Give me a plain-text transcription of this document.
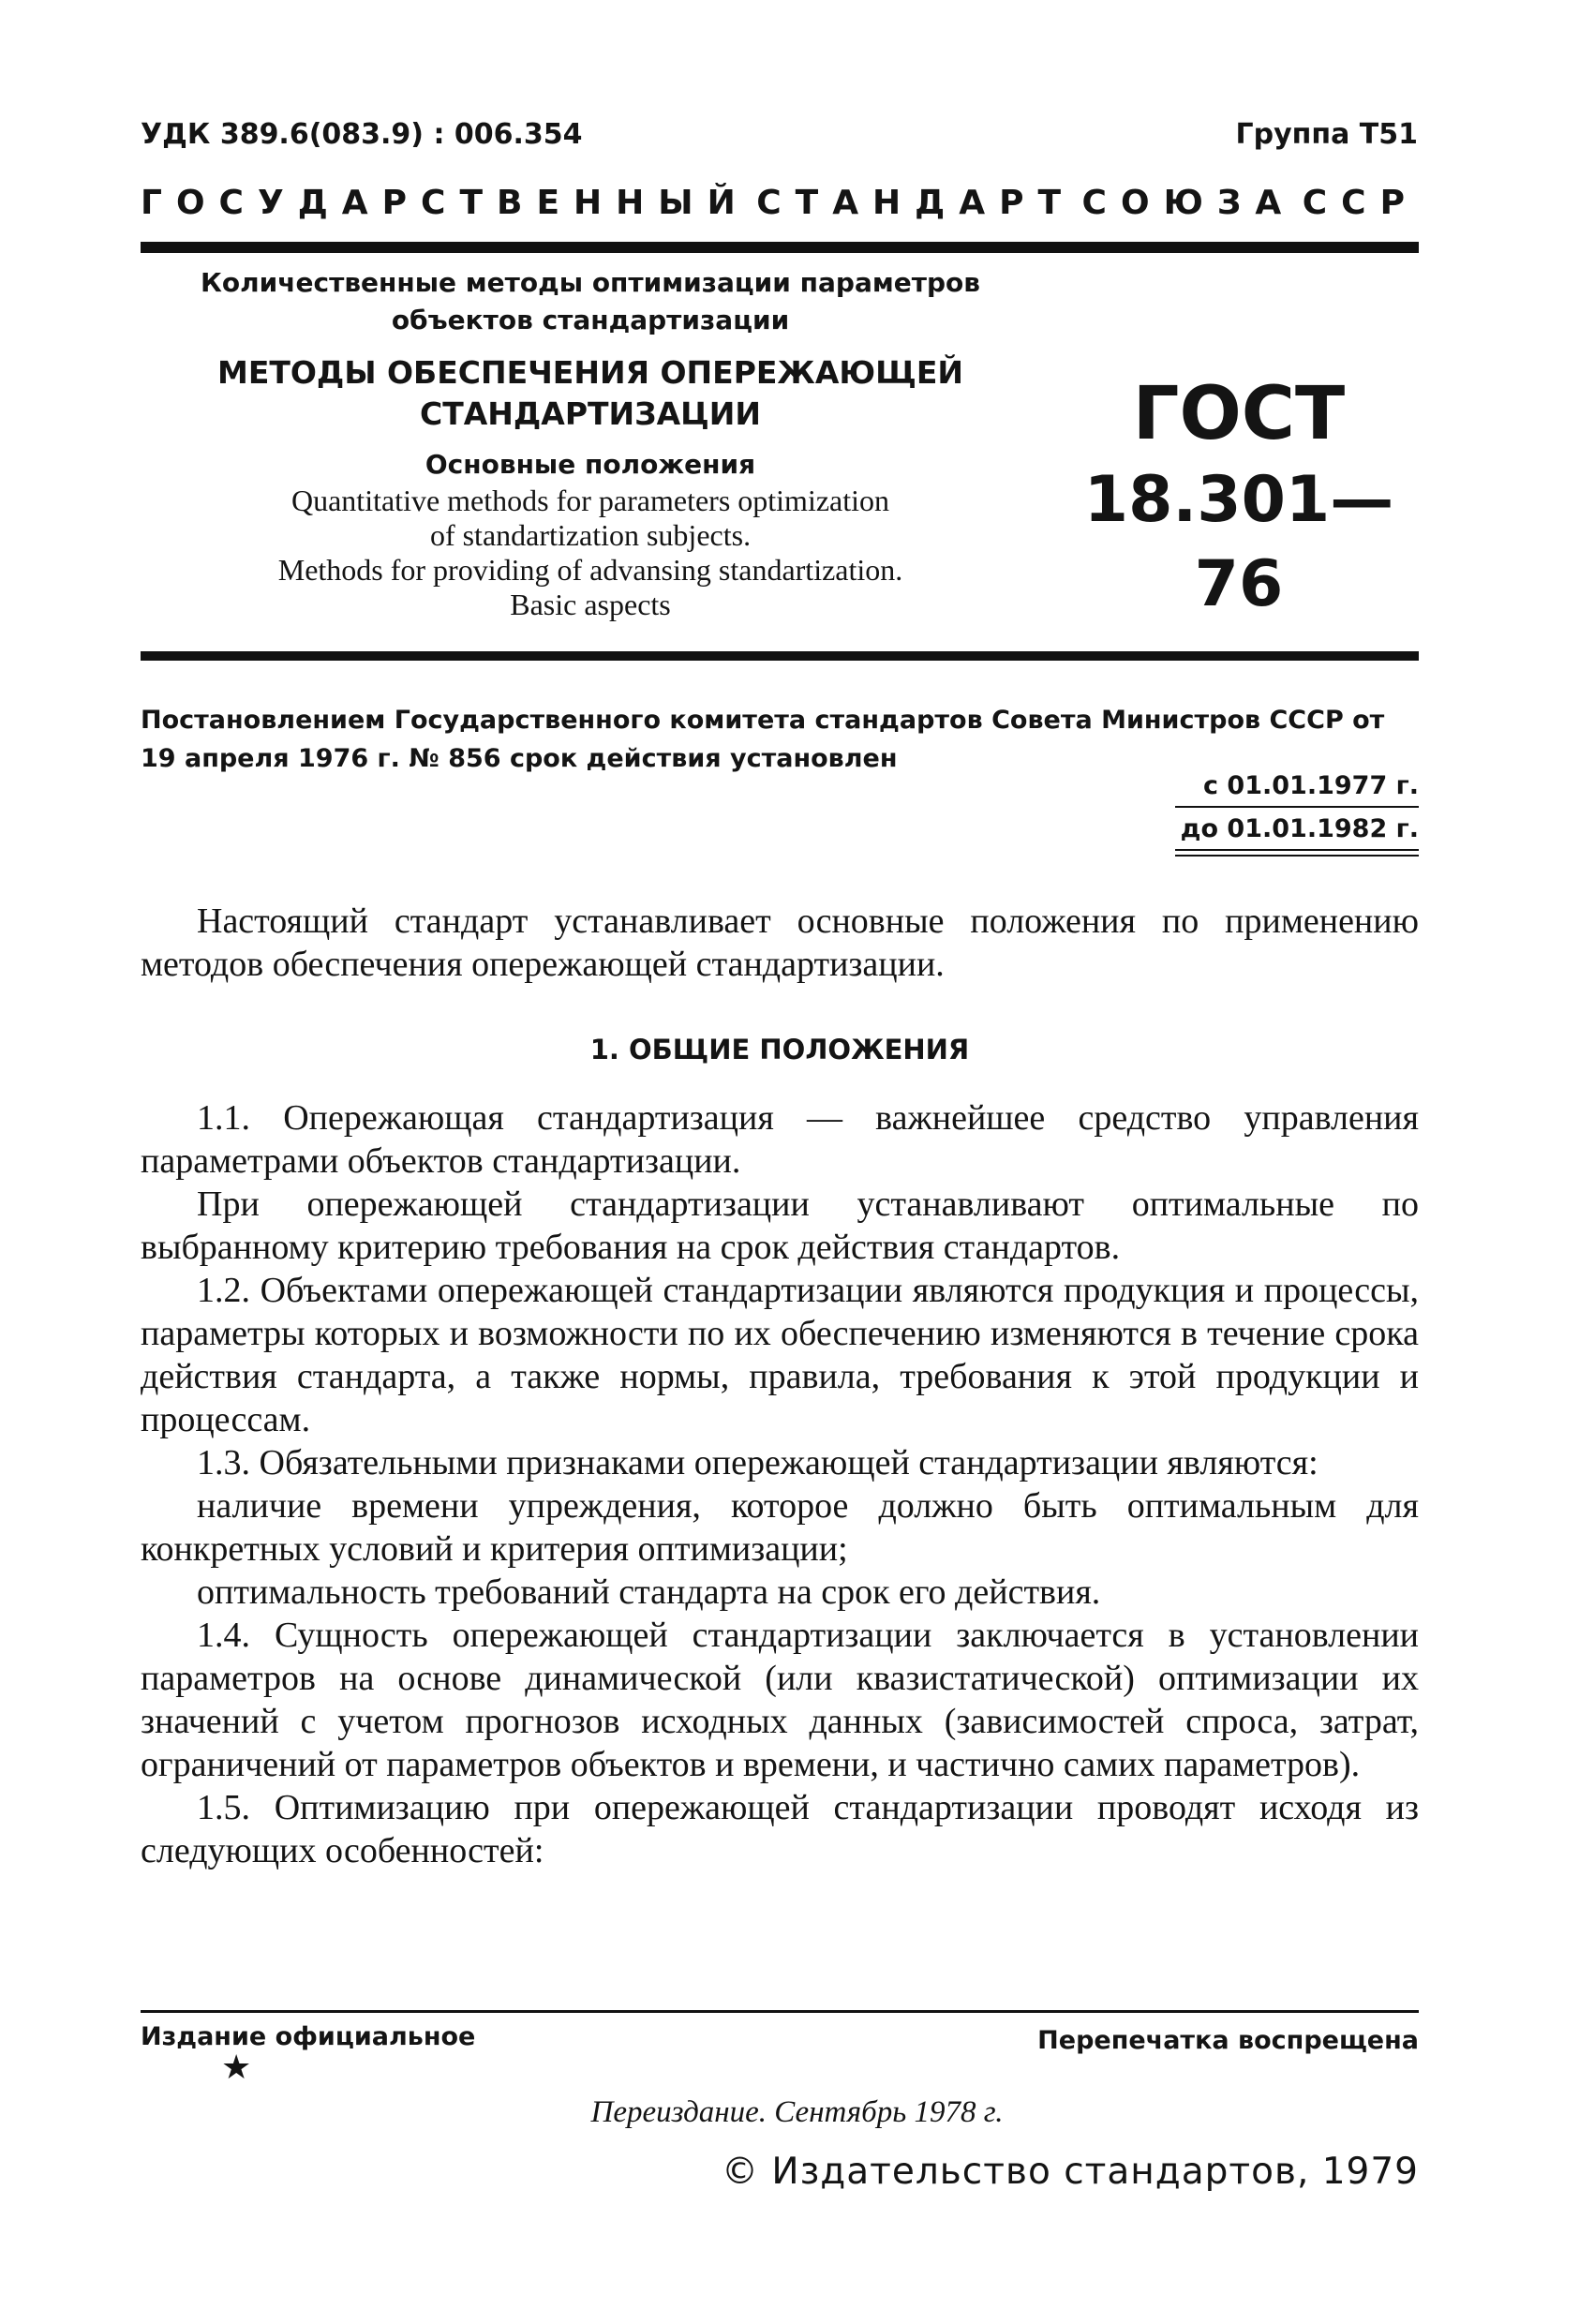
УДК 389.6(083.9) : 006.354	Группа Т51
ГОСУДАРСТВЕННЫЙ СТАНДАРТ СОЮЗА ССР
Количественные методы оптимизации параметров
объектов стандартизации
МЕТОДЫ ОБЕСПЕЧЕНИЯ ОПЕРЕЖАЮЩЕЙ
СТАНДАРТИЗАЦИИ
Основные положения
Quantitative methods for parameters optimization
of standartization subjects.
Methods for providing of advansing standartization.
Basic aspects
ГОСТ
18.301—76
Постановлением Государственного комитета стандартов Совета Министров СССР от 19 апреля 1976 г. № 856 срок действия установлен
с 01.01.1977 г.
до 01.01.1982 г.

Настоящий стандарт устанавливает основные положения по применению методов обеспечения опережающей стандартизации.

1. ОБЩИЕ ПОЛОЖЕНИЯ

1.1. Опережающая стандартизация — важнейшее средство управления параметрами объектов стандартизации.

При опережающей стандартизации устанавливают оптимальные по выбранному критерию требования на срок действия стандартов.

1.2. Объектами опережающей стандартизации являются продукция и процессы, параметры которых и возможности по их обеспечению изменяются в течение срока действия стандарта, а также нормы, правила, требования к этой продукции и процессам.

1.3. Обязательными признаками опережающей стандартизации являются:

наличие времени упреждения, которое должно быть оптимальным для конкретных условий и критерия оптимизации;

оптимальность требований стандарта на срок его действия.

1.4. Сущность опережающей стандартизации заключается в установлении параметров на основе динамической (или квазистатической) оптимизации их значений с учетом прогнозов исходных данных (зависимостей спроса, затрат, ограничений от параметров объектов и времени, и частично самих параметров).

1.5. Оптимизацию при опережающей стандартизации проводят исходя из следующих особенностей:

Издание официальное	Перепечатка воспрещена
★
Переиздание. Сентябрь 1978 г.
© Издательство стандартов, 1979
